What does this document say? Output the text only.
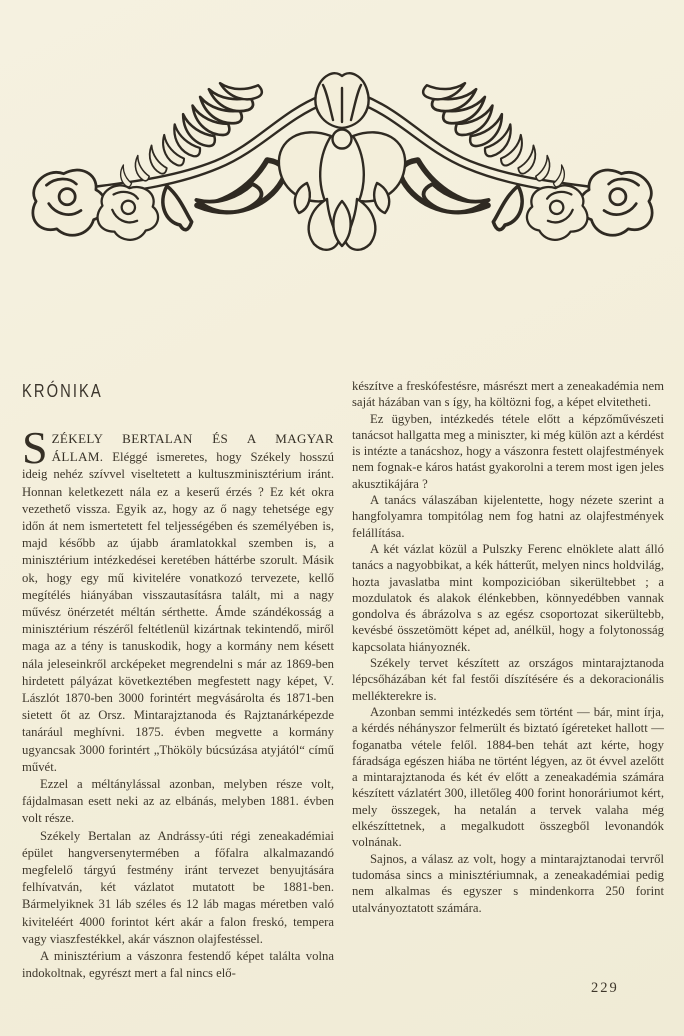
KRÓNIKA
SZÉKELY BERTALAN ÉS A MAGYAR ÁLLAM. Eléggé ismeretes, hogy Székely hosszú ideig nehéz szívvel viseltetett a kultuszminisztérium iránt. Honnan keletkezett nála ez a keserű érzés ? Ez két okra vezethető vissza. Egyik az, hogy az ő nagy tehetsége egy időn át nem ismertetett fel teljességében és személyében is, majd később az újabb áramlatokkal szemben is, a minisztérium intézkedései keretében háttérbe szorult. Másik ok, hogy egy mű kivitelére vonatkozó tervezete, kellő megítélés hiányában visszautasításra talált, mi a nagy művész önérzetét méltán sérthette. Ámde szándékosság a minisztérium részéről feltétlenül kizártnak tekintendő, miről maga az a tény is tanuskodik, hogy a kormány nem késett nála jeleseinkről arcképeket megrendelni s már az 1869-ben hirdetett pályázat következtében megfestett nagy képet, V. Lászlót 1870-ben 3000 forintért megvásárolta és 1871-ben sietett őt az Orsz. Mintarajztanoda és Rajztanárképezde tanárául meghívni. 1875. évben megvette a kormány ugyancsak 3000 forintért „Thököly búcsúzása atyjától“ című művét.

Ezzel a méltánylással azonban, melyben része volt, fájdalmasan esett neki az az elbánás, melyben 1881. évben volt része.

Székely Bertalan az Andrássy-úti régi zeneakadémiai épület hangversenytermében a főfalra alkalmazandó megfelelő tárgyú festmény iránt tervezet benyujtására felhívatván, két vázlatot mutatott be 1881-ben. Bármelyiknek 31 láb széles és 12 láb magas méretben való kiviteléért 4000 forintot kért akár a falon freskó, tempera vagy viaszfestékkel, akár vásznon olajfestéssel.

A minisztérium a vászonra festendő képet találta volna indokoltnak, egyrészt mert a fal nincs elő-

készítve a freskófestésre, másrészt mert a zeneakadémia nem saját házában van s így, ha költözni fog, a képet elvitetheti.

Ez ügyben, intézkedés tétele előtt a képzőművészeti tanácsot hallgatta meg a miniszter, ki még külön azt a kérdést is intézte a tanácshoz, hogy a vászonra festett olajfestmények nem fognak-e káros hatást gyakorolni a terem most igen jeles akusztikájára ?

A tanács válaszában kijelentette, hogy nézete szerint a hangfolyamra tompitólag nem fog hatni az olajfestmények felállítása.

A két vázlat közül a Pulszky Ferenc elnöklete alatt álló tanács a nagyobbikat, a kék hátterűt, melyen nincs holdvilág, hozta javaslatba mint kompozicióban sikerültebbet ; a mozdulatok és alakok élénkebben, könnyedébben vannak gondolva és ábrázolva s az egész csoportozat sikerültebb, kevésbé összetömött képet ad, anélkül, hogy a folytonosság kapcsolata hiányoznék.

Székely tervet készített az országos mintarajztanoda lépcsőházában két fal festői díszítésére és a dekoracionális mellékterekre is.

Azonban semmi intézkedés sem történt — bár, mint írja, a kérdés néhányszor felmerült és biztató ígéreteket hallott — foganatba vétele felől. 1884-ben tehát azt kérte, hogy fáradsága egészen hiába ne történt légyen, az öt évvel azelőtt a mintarajztanoda és két év előtt a zeneakadémia számára készített vázlatért 300, illetőleg 400 forint honoráriumot kért, mely összegek, ha netalán a tervek valaha még elkészíttetnek, a megalkudott összegből levonandók volnának.

Sajnos, a válasz az volt, hogy a mintarajztanodai tervről tudomása sincs a minisztériumnak, a zeneakadémiai pedig nem alkalmas és egyszer s mindenkorra 250 forint utalványoztatott számára.

229
